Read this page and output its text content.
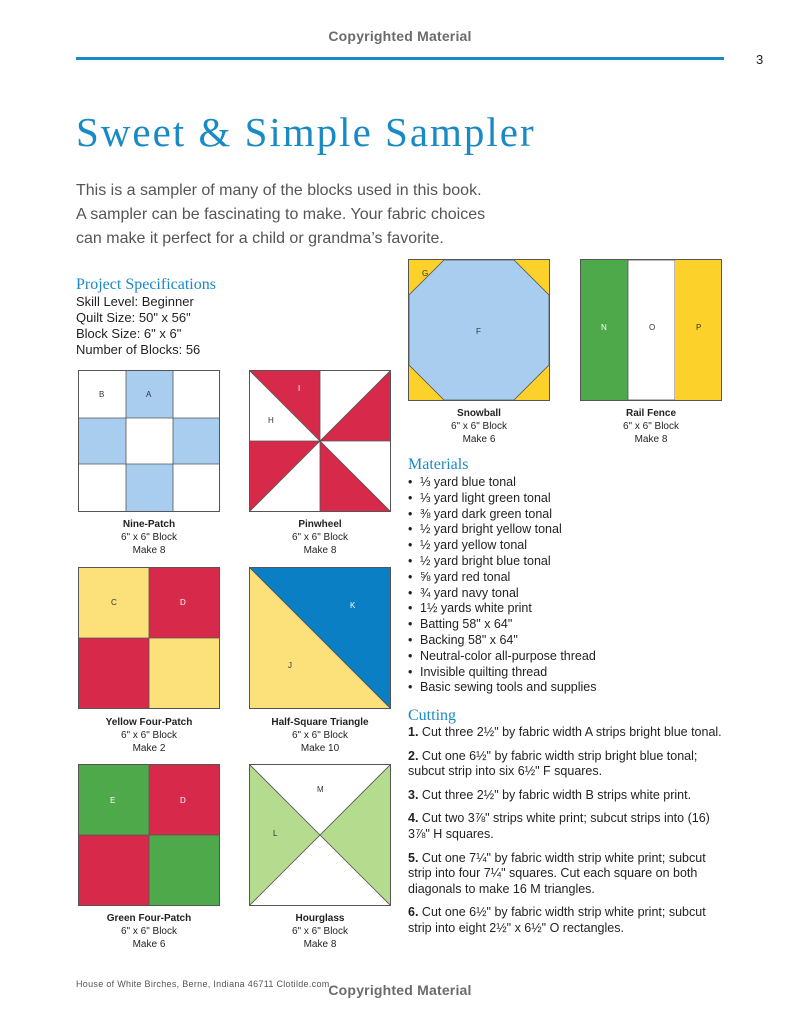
Copyrighted Material
3
Sweet & Simple Sampler
This is a sampler of many of the blocks used in this book.
A sampler can be fascinating to make. Your fabric choices
can make it perfect for a child or grandma’s favorite.
Project Specifications
Skill Level: Beginner
Quilt Size: 50" x 56"
Block Size: 6" x 6"
Number of Blocks: 56
G
F
Snowball
6" x 6" Block
Make 6
N	O	P
Rail Fence
6" x 6" Block
Make 8
B	A
Nine-Patch
6" x 6" Block
Make 8
I
H
Pinwheel
6" x 6" Block
Make 8
C	D
Yellow Four-Patch
6" x 6" Block
Make 2
K
J
Half-Square Triangle
6" x 6" Block
Make 10
E	D
Green Four-Patch
6" x 6" Block
Make 6
M
L
Hourglass
6" x 6" Block
Make 8
Materials
• ⅓ yard blue tonal
• ⅓ yard light green tonal
• ⅜ yard dark green tonal
• ½ yard bright yellow tonal
• ½ yard yellow tonal
• ½ yard bright blue tonal
• ⅝ yard red tonal
• ¾ yard navy tonal
• 1½ yards white print
• Batting 58" x 64"
• Backing 58" x 64"
• Neutral-color all-purpose thread
• Invisible quilting thread
• Basic sewing tools and supplies
Cutting
1. Cut three 2½" by fabric width A strips bright blue tonal.
2. Cut one 6½" by fabric width strip bright blue tonal; subcut strip into six 6½" F squares.
3. Cut three 2½" by fabric width B strips white print.
4. Cut two 3⅞" strips white print; subcut strips into (16) 3⅞" H squares.
5. Cut one 7¼" by fabric width strip white print; subcut strip into four 7¼" squares. Cut each square on both diagonals to make 16 M triangles.
6. Cut one 6½" by fabric width strip white print; subcut strip into eight 2½" x 6½" O rectangles.
House of White Birches, Berne, Indiana 46711 Clotilde.com
Copyrighted Material
